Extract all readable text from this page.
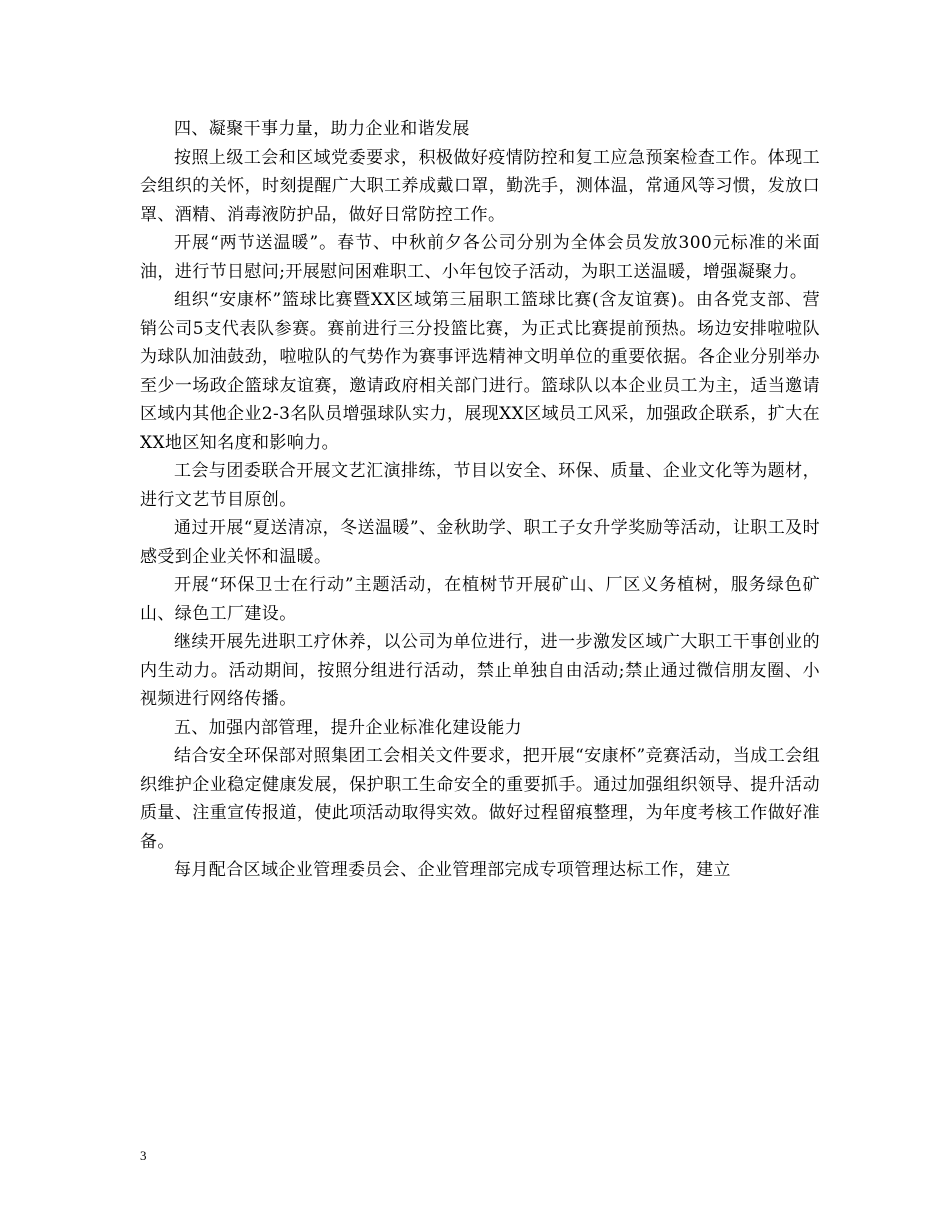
四、凝聚干事力量，助力企业和谐发展

按照上级工会和区域党委要求，积极做好疫情防控和复工应急预案检查工作。体现工会组织的关怀，时刻提醒广大职工养成戴口罩，勤洗手，测体温，常通风等习惯，发放口罩、酒精、消毒液防护品，做好日常防控工作。

开展“两节送温暖”。春节、中秋前夕各公司分别为全体会员发放300元标准的米面油，进行节日慰问;开展慰问困难职工、小年包饺子活动，为职工送温暖，增强凝聚力。

组织“安康杯”篮球比赛暨XX区域第三届职工篮球比赛(含友谊赛)。由各党支部、营销公司5支代表队参赛。赛前进行三分投篮比赛，为正式比赛提前预热。场边安排啦啦队为球队加油鼓劲，啦啦队的气势作为赛事评选精神文明单位的重要依据。各企业分别举办至少一场政企篮球友谊赛，邀请政府相关部门进行。篮球队以本企业员工为主，适当邀请区域内其他企业2-3名队员增强球队实力，展现XX区域员工风采，加强政企联系，扩大在XX地区知名度和影响力。

工会与团委联合开展文艺汇演排练，节目以安全、环保、质量、企业文化等为题材，进行文艺节目原创。

通过开展“夏送清凉，冬送温暖”、金秋助学、职工子女升学奖励等活动，让职工及时感受到企业关怀和温暖。

开展“环保卫士在行动”主题活动，在植树节开展矿山、厂区义务植树，服务绿色矿山、绿色工厂建设。

继续开展先进职工疗休养，以公司为单位进行，进一步激发区域广大职工干事创业的内生动力。活动期间，按照分组进行活动，禁止单独自由活动;禁止通过微信朋友圈、小视频进行网络传播。

五、加强内部管理，提升企业标准化建设能力

结合安全环保部对照集团工会相关文件要求，把开展“安康杯”竞赛活动，当成工会组织维护企业稳定健康发展，保护职工生命安全的重要抓手。通过加强组织领导、提升活动质量、注重宣传报道，使此项活动取得实效。做好过程留痕整理，为年度考核工作做好准备。

每月配合区域企业管理委员会、企业管理部完成专项管理达标工作，建立

3
